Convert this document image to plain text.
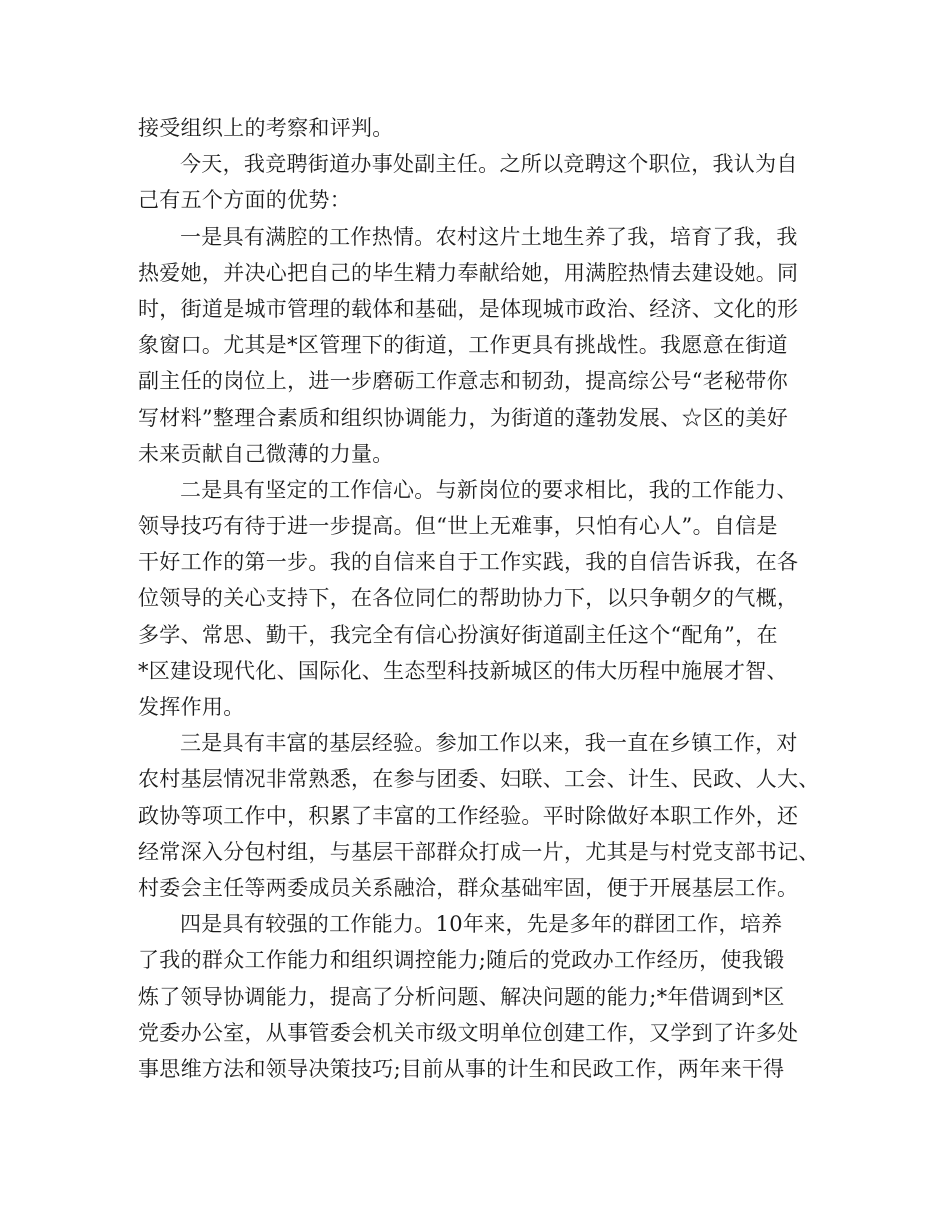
接受组织上的考察和评判。
今天，我竞聘街道办事处副主任。之所以竞聘这个职位，我认为自
己有五个方面的优势：
一是具有满腔的工作热情。农村这片土地生养了我，培育了我，我
热爱她，并决心把自己的毕生精力奉献给她，用满腔热情去建设她。同
时，街道是城市管理的载体和基础，是体现城市政治、经济、文化的形
象窗口。尤其是*区管理下的街道，工作更具有挑战性。我愿意在街道
副主任的岗位上，进一步磨砺工作意志和韧劲，提高综公号“老秘带你
写材料”整理合素质和组织协调能力，为街道的蓬勃发展、☆区的美好
未来贡献自己微薄的力量。
二是具有坚定的工作信心。与新岗位的要求相比，我的工作能力、
领导技巧有待于进一步提高。但“世上无难事，只怕有心人”。自信是
干好工作的第一步。我的自信来自于工作实践，我的自信告诉我，在各
位领导的关心支持下，在各位同仁的帮助协力下，以只争朝夕的气概，
多学、常思、勤干，我完全有信心扮演好街道副主任这个“配角”，在
*区建设现代化、国际化、生态型科技新城区的伟大历程中施展才智、
发挥作用。
三是具有丰富的基层经验。参加工作以来，我一直在乡镇工作，对
农村基层情况非常熟悉，在参与团委、妇联、工会、计生、民政、人大、
政协等项工作中，积累了丰富的工作经验。平时除做好本职工作外，还
经常深入分包村组，与基层干部群众打成一片，尤其是与村党支部书记、
村委会主任等两委成员关系融洽，群众基础牢固，便于开展基层工作。
四是具有较强的工作能力。10年来，先是多年的群团工作，培养
了我的群众工作能力和组织调控能力;随后的党政办工作经历，使我锻
炼了领导协调能力，提高了分析问题、解决问题的能力;*年借调到*区
党委办公室，从事管委会机关市级文明单位创建工作，又学到了许多处
事思维方法和领导决策技巧;目前从事的计生和民政工作，两年来干得
